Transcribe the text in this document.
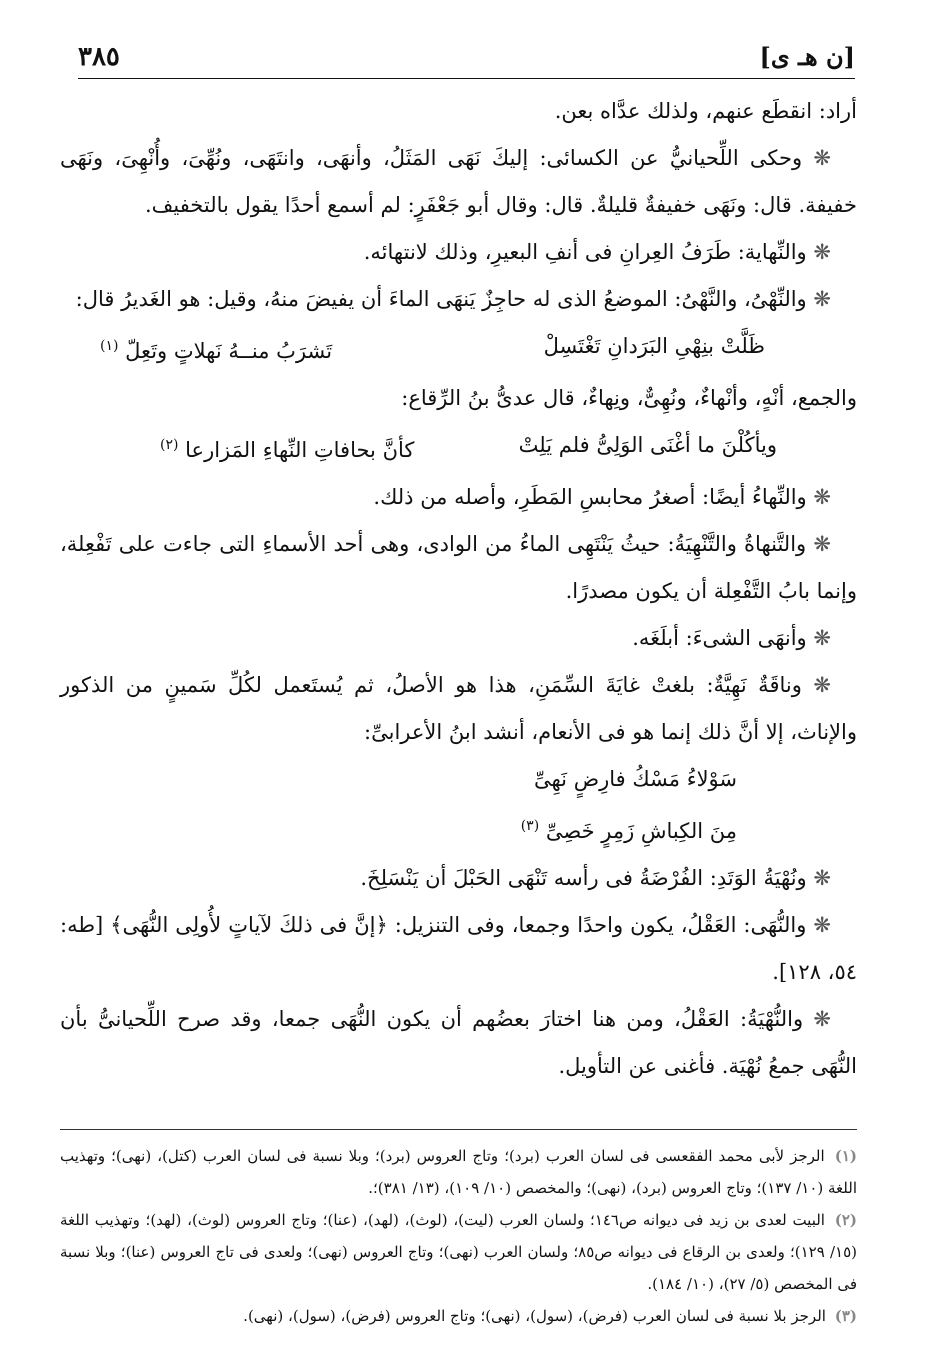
[ن هـ ى]
٣٨٥

أراد: انقطَع عنهم، ولذلك عدَّاه بعن.

❋ وحكى اللِّحيانيُّ عن الكسائى: إليكَ نَهَى المَثَلُ، وأنهَى، وانتَهَى، ونُهِّىَ، وأُنْهِىَ، ونَهَى خفيفة. قال: ونَهَى خفيفةٌ قليلةٌ. قال: وقال أبو جَعْفَرٍ: لم أسمع أحدًا يقول بالتخفيف.

❋ والنِّهاية: طَرَفُ العِرانِ فى أنفِ البعيرِ، وذلك لانتهائه.

❋ والنِّهْىُ، والنَّهْىُ: الموضعُ الذى له حاجِزٌ يَنهَى الماءَ أن يفيضَ منهُ، وقيل: هو الغَديرُ قال:

ظَلَّتْ بنِهْىِ البَرَدانِ تَغْتَسِلْ
تَشرَبُ منــهُ نَهلاتٍ وتَعِلّ $^{(١)}$

والجمع، أنْهٍ، وأنْهاءٌ، ونُهِىٌّ، ونِهاءٌ، قال عدىُّ بنُ الرِّقاع:

ويأكُلْنَ ما أغْنَى الوَلِىُّ فلم يَلِتْ
كأنَّ بحافاتِ النِّهاءِ المَزارعا $^{(٢)}$

❋ والنِّهاءُ أيضًا: أصغرُ محابسِ المَطَرِ، وأصله من ذلك.

❋ والتَّنهاةُ والتَّنْهِيَةُ: حيثُ يَنْتَهِى الماءُ من الوادى، وهى أحد الأسماءِ التى جاءت على تَفْعِلة، وإنما بابُ التَّفْعِلة أن يكون مصدرًا.

❋ وأنهَى الشىءَ: أبلَغَه.

❋ وناقَةٌ نَهِيَّةٌ: بلغتْ غايَةَ السِّمَنِ، هذا هو الأصلُ، ثم يُستَعمل لكُلِّ سَمينٍ من الذكور والإناث، إلا أنَّ ذلك إنما هو فى الأنعام، أنشد ابنُ الأعرابىِّ:

سَوْلاءُ مَسْكُ فارِضٍ نَهِىِّ
مِنَ الكِباشِ زَمِرٍ خَصِىِّ $^{(٣)}$

❋ ونُهْيَةُ الوَتَدِ: الفُرْضَةُ فى رأسه تَنْهَى الحَبْلَ أن يَنْسَلِخَ.

❋ والنُّهَى: العَقْلُ، يكون واحدًا وجمعا، وفى التنزيل: ﴿إنَّ فى ذلكَ لآياتٍ لأُولِى النُّهَى﴾ [طه: ٥٤، ١٢٨].

❋ والنُّهْيَةُ: العَقْلُ، ومن هنا اختارَ بعضُهم أن يكون النُّهَى جمعا، وقد صرح اللِّحيانىُّ بأن النُّهَى جمعُ نُهْيَة. فأغنى عن التأويل.

(١) الرجز لأبى محمد الفقعسى فى لسان العرب (برد)؛ وتاج العروس (برد)؛ وبلا نسبة فى لسان العرب (كتل)، (نهى)؛ وتهذيب اللغة (١٠/ ١٣٧)؛ وتاج العروس (برد)، (نهى)؛ والمخصص (١٠/ ١٠٩)، (١٣/ ٣٨١)؛.

(٢) البيت لعدى بن زيد فى ديوانه ص١٤٦؛ ولسان العرب (ليت)، (لوث)، (لهد)، (عنا)؛ وتاج العروس (لوث)، (لهد)؛ وتهذيب اللغة (١٥/ ١٢٩)؛ ولعدى بن الرقاع فى ديوانه ص٨٥؛ ولسان العرب (نهى)؛ وتاج العروس (نهى)؛ ولعدى فى تاج العروس (عنا)؛ وبلا نسبة فى المخصص (٥/ ٢٧)، (١٠/ ١٨٤).

(٣) الرجز بلا نسبة فى لسان العرب (فرض)، (سول)، (نهى)؛ وتاج العروس (فرض)، (سول)، (نهى).
